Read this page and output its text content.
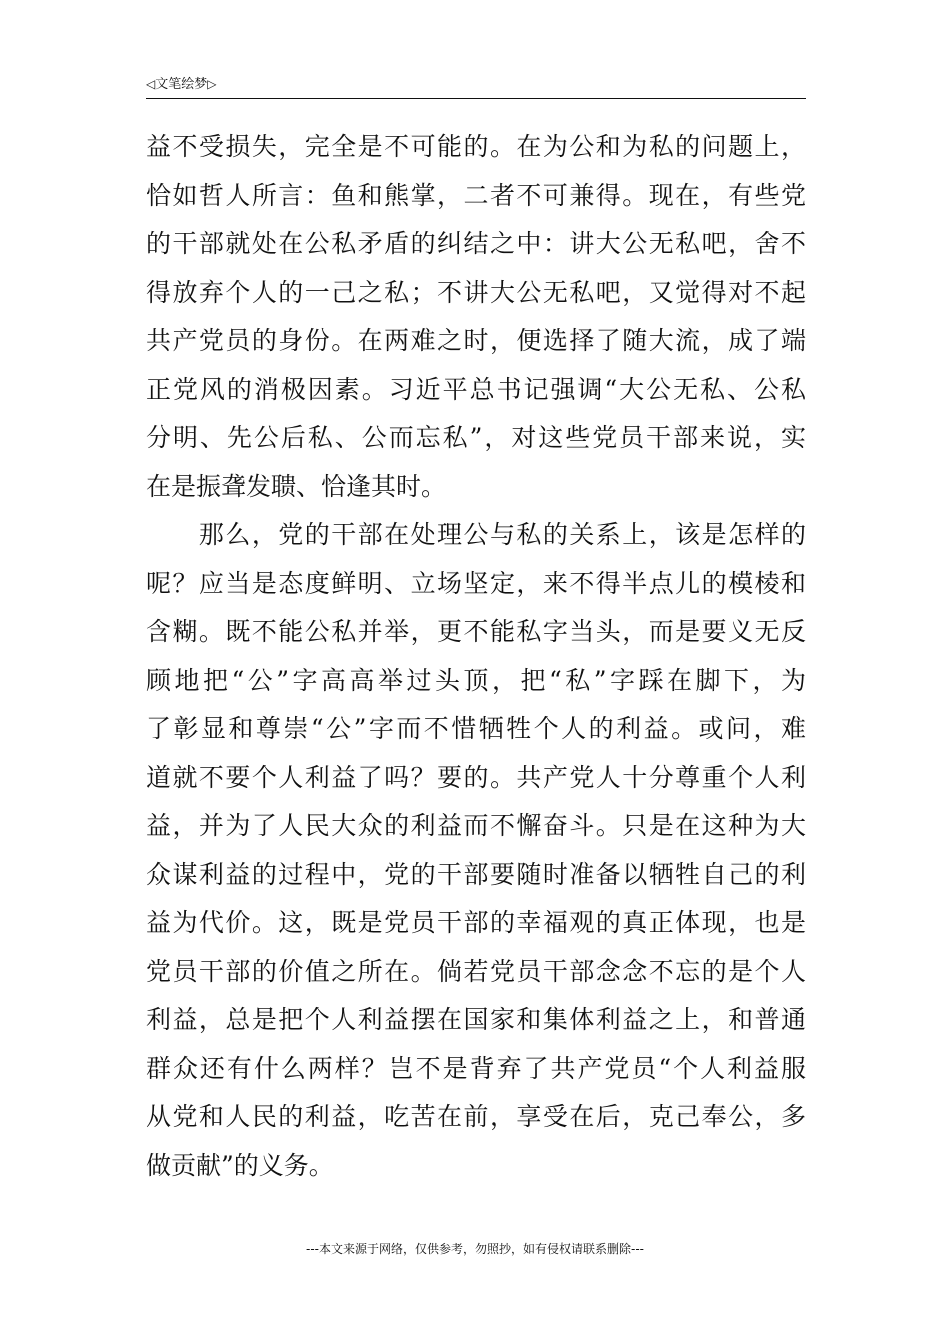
◁文笔绘梦▷
益不受损失，完全是不可能的。在为公和为私的问题上，
恰如哲人所言：鱼和熊掌，二者不可兼得。现在，有些党
的干部就处在公私矛盾的纠结之中：讲大公无私吧，舍不
得放弃个人的一己之私；不讲大公无私吧，又觉得对不起
共产党员的身份。在两难之时，便选择了随大流，成了端
正党风的消极因素。习近平总书记强调“大公无私、公私
分明、先公后私、公而忘私”，对这些党员干部来说，实
在是振聋发聩、恰逢其时。
　　那么，党的干部在处理公与私的关系上，该是怎样的
呢？应当是态度鲜明、立场坚定，来不得半点儿的模棱和
含糊。既不能公私并举，更不能私字当头，而是要义无反
顾地把“公”字高高举过头顶，把“私”字踩在脚下，为
了彰显和尊崇“公”字而不惜牺牲个人的利益。或问，难
道就不要个人利益了吗？要的。共产党人十分尊重个人利
益，并为了人民大众的利益而不懈奋斗。只是在这种为大
众谋利益的过程中，党的干部要随时准备以牺牲自己的利
益为代价。这，既是党员干部的幸福观的真正体现，也是
党员干部的价值之所在。倘若党员干部念念不忘的是个人
利益，总是把个人利益摆在国家和集体利益之上，和普通
群众还有什么两样？岂不是背弃了共产党员“个人利益服
从党和人民的利益，吃苦在前，享受在后，克己奉公，多
做贡献”的义务。
---本文来源于网络，仅供参考，勿照抄，如有侵权请联系删除---
